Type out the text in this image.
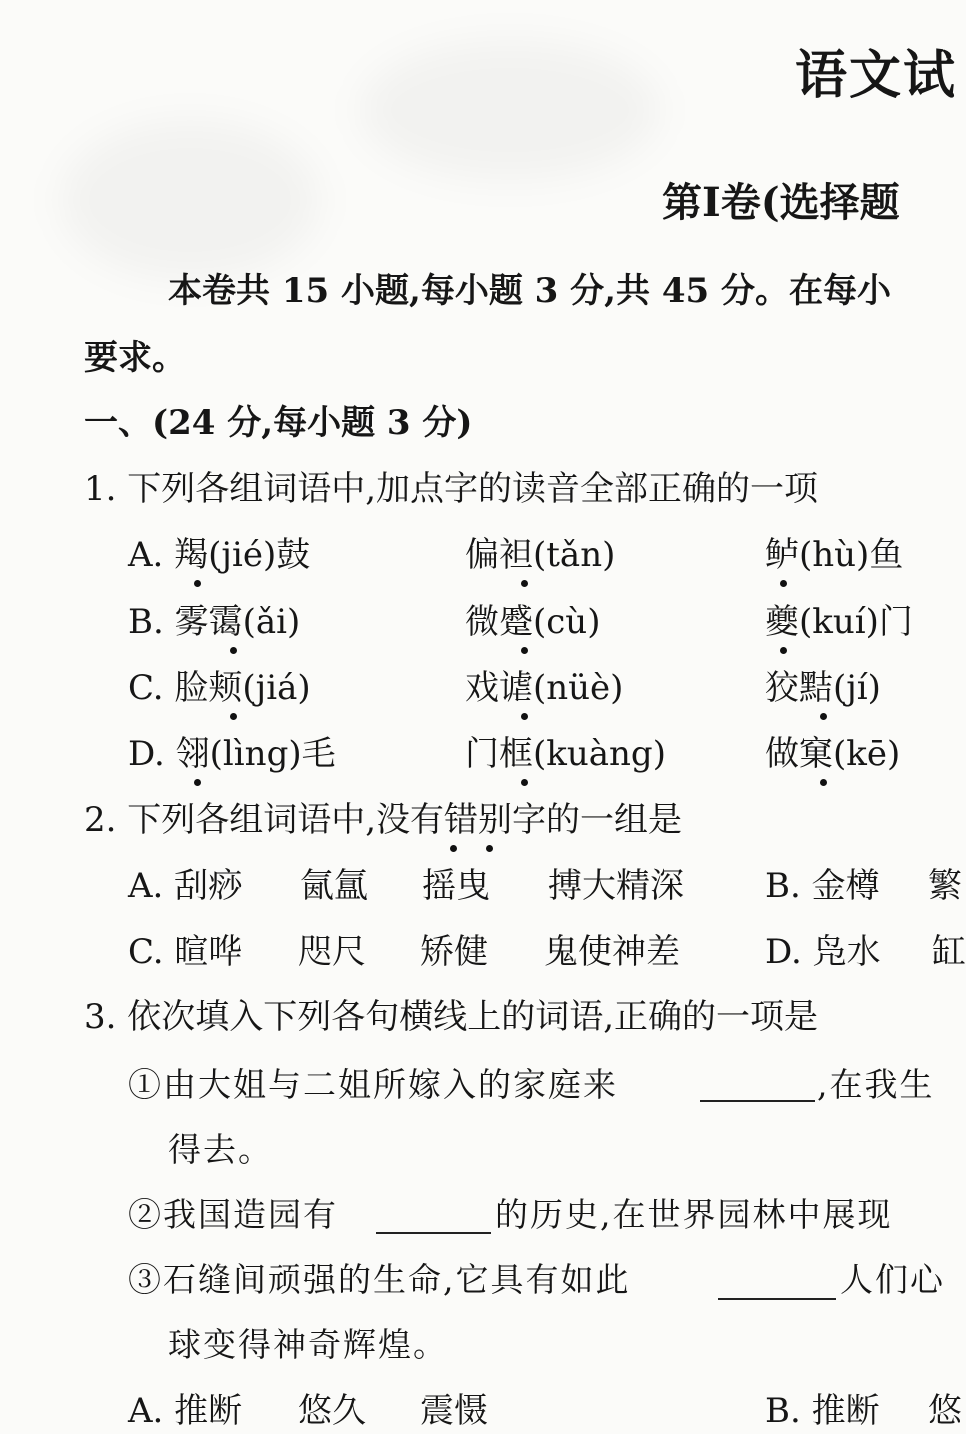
语文试
第Ⅰ卷(选择题
本卷共 15 小题,每小题 3 分,共 45 分。在每小
要求。
一、(24 分,每小题 3 分)
1. 下列各组词语中,加点字的读音全部正确的一项
A. 羯(jié)鼓	偏袒(tǎn)	鲈(hù)鱼
B. 雾霭(ǎi)	微蹙(cù)	夔(kuí)门
C. 脸颊(jiá)	戏谑(nüè)	狡黠(jí)
D. 翎(lìng)毛	门框(kuàng)	做窠(kē)
2. 下列各组词语中,没有错别字的一组是
A. 刮痧 氤氲 摇曳 搏大精深 B. 金樽 繁
C. 暄哗 咫尺 矫健 鬼使神差	D. 凫水 缸
3. 依次填入下列各句横线上的词语,正确的一项是
①由大姐与二姐所嫁入的家庭来	,在我生
得去。
②我国造园有	的历史,在世界园林中展现
③石缝间顽强的生命,它具有如此	人们心
球变得神奇辉煌。
A. 推断 悠久 震慑	B. 推断 悠
